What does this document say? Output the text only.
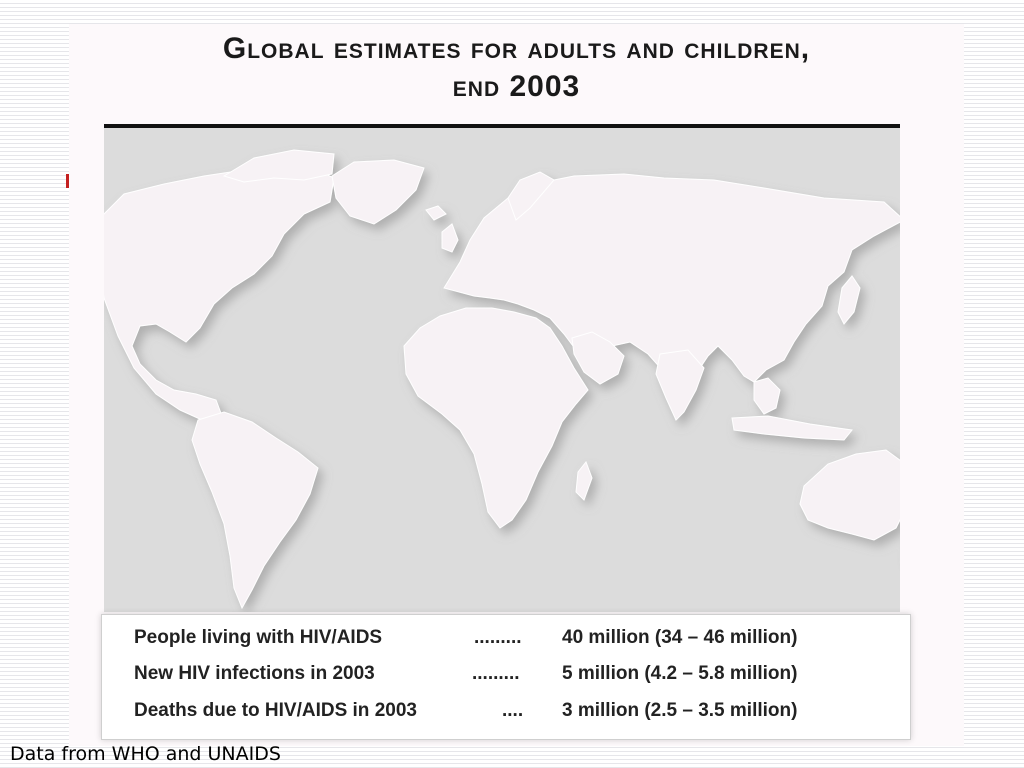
Global estimates for adults and children,
end 2003
People living with HIV/AIDS	......... 40 million (34 – 46 million)
New HIV infections in 2003	......... 5 million (4.2 – 5.8 million)
Deaths due to HIV/AIDS in 2003	.... 3 million (2.5 – 3.5 million)
Data from WHO and UNAIDS
